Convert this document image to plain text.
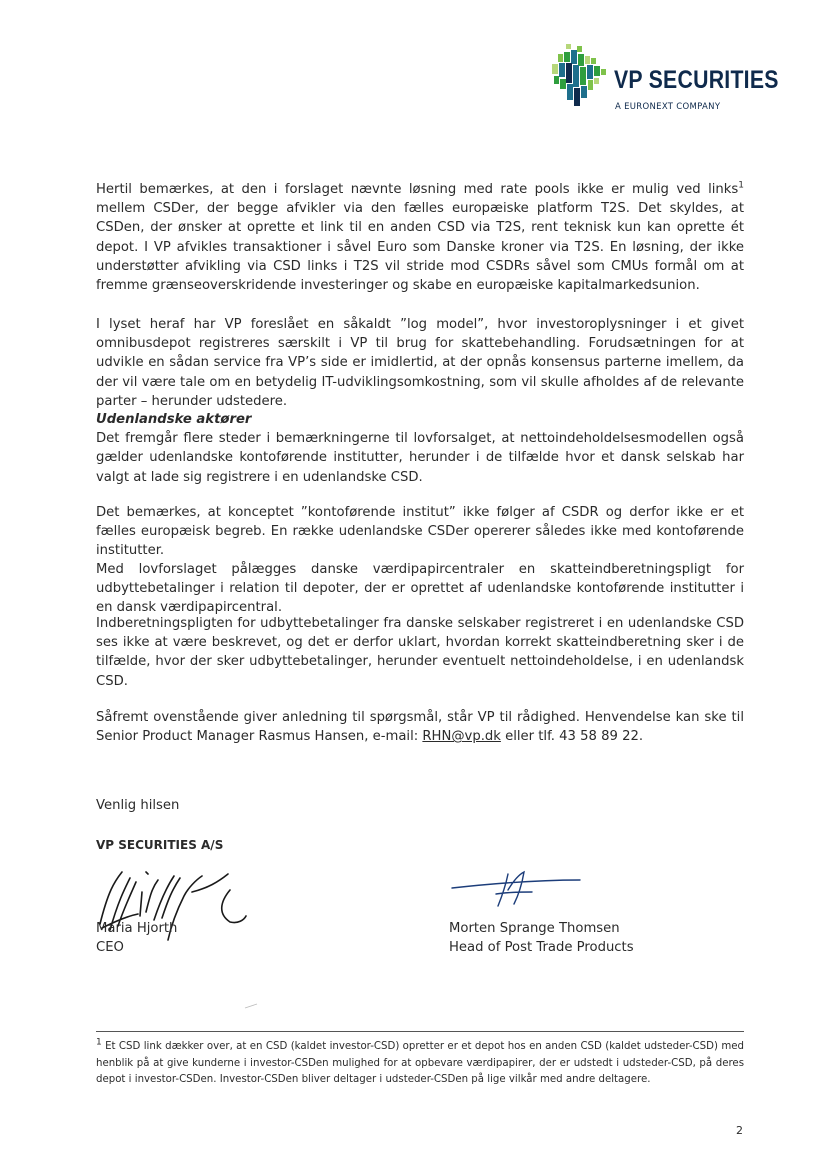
VP SECURITIES
A EURONEXT COMPANY

Hertil bemærkes, at den i forslaget nævnte løsning med rate pools ikke er mulig ved links$^1$ mellem CSDer, der begge afvikler via den fælles europæiske platform T2S. Det skyldes, at CSDen, der ønsker at oprette et link til en anden CSD via T2S, rent teknisk kun kan oprette ét depot. I VP afvikles transaktioner i såvel Euro som Danske kroner via T2S. En løsning, der ikke understøtter afvikling via CSD links i T2S vil stride mod CSDRs såvel som CMUs formål om at fremme grænseoverskridende investeringer og skabe en europæiske kapitalmarkedsunion.

I lyset heraf har VP foreslået en såkaldt ”log model”, hvor investoroplysninger i et givet omnibusdepot registreres særskilt i VP til brug for skattebehandling. Forudsætningen for at udvikle en sådan service fra VP’s side er imidlertid, at der opnås konsensus parterne imellem, da der vil være tale om en betydelig IT-udviklingsomkostning, som vil skulle afholdes af de relevante parter – herunder udstedere.

Udenlandske aktører
Det fremgår flere steder i bemærkningerne til lovforsalget, at nettoindeholdelsesmodellen også gælder udenlandske kontoførende institutter, herunder i de tilfælde hvor et dansk selskab har valgt at lade sig registrere i en udenlandske CSD.

Det bemærkes, at konceptet ”kontoførende institut” ikke følger af CSDR og derfor ikke er et fælles europæisk begreb. En række udenlandske CSDer opererer således ikke med kontoførende institutter.

Med lovforslaget pålægges danske værdipapircentraler en skatteindberetningspligt for udbyttebetalinger i relation til depoter, der er oprettet af udenlandske kontoførende institutter i en dansk værdipapircentral.

Indberetningspligten for udbyttebetalinger fra danske selskaber registreret i en udenlandske CSD ses ikke at være beskrevet, og det er derfor uklart, hvordan korrekt skatteindberetning sker i de tilfælde, hvor der sker udbyttebetalinger, herunder eventuelt nettoindeholdelse, i en udenlandsk CSD.

Såfremt ovenstående giver anledning til spørgsmål, står VP til rådighed. Henvendelse kan ske til Senior Product Manager Rasmus Hansen, e-mail: RHN@vp.dk eller tlf. 43 58 89 22.

Venlig hilsen
VP SECURITIES A/S
Maria Hjorth
CEO
Morten Sprange Thomsen
Head of Post Trade Products

$^1$ Et CSD link dækker over, at en CSD (kaldet investor-CSD) opretter er et depot hos en anden CSD (kaldet udsteder-CSD) med henblik på at give kunderne i investor-CSDen mulighed for at opbevare værdipapirer, der er udstedt i udsteder-CSD, på deres depot i investor-CSDen. Investor-CSDen bliver deltager i udsteder-CSDen på lige vilkår med andre deltagere.

2
